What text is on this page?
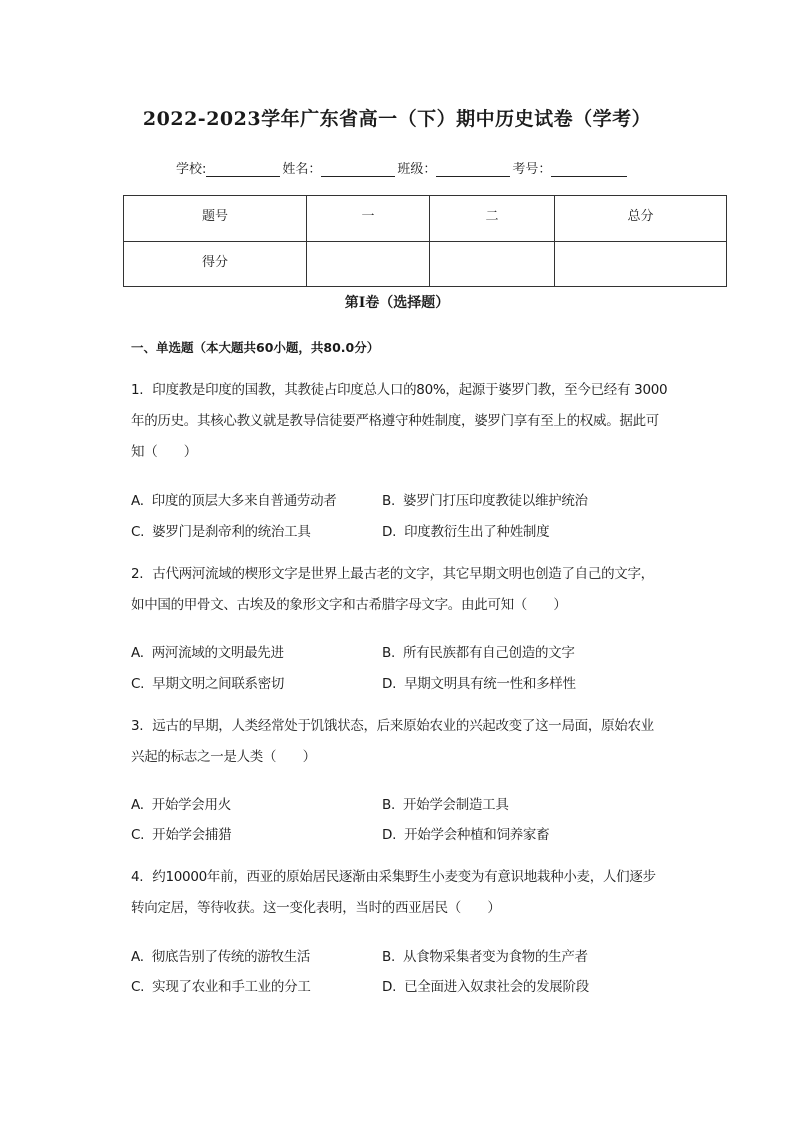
2022-2023学年广东省高一（下）期中历史试卷（学考）
学校:	姓名：	班级：	考号：
题号	一	二	总分
得分			
第Ⅰ卷（选择题）
一、单选题（本大题共60小题，共80.0分）
1. 印度教是印度的国教，其教徒占印度总人口的80%，起源于婆罗门教，至今已经有 3000
年的历史。其核心教义就是教导信徒要严格遵守种姓制度，婆罗门享有至上的权威。据此可
知（　　）
A. 印度的顶层大多来自普通劳动者	B. 婆罗门打压印度教徒以维护统治
C. 婆罗门是刹帝利的统治工具	D. 印度教衍生出了种姓制度
2. 古代两河流域的楔形文字是世界上最古老的文字，其它早期文明也创造了自己的文字，
如中国的甲骨文、古埃及的象形文字和古希腊字母文字。由此可知（　　）
A. 两河流域的文明最先进	B. 所有民族都有自己创造的文字
C. 早期文明之间联系密切	D. 早期文明具有统一性和多样性
3. 远古的早期，人类经常处于饥饿状态，后来原始农业的兴起改变了这一局面，原始农业
兴起的标志之一是人类（　　）
A. 开始学会用火	B. 开始学会制造工具
C. 开始学会捕猎	D. 开始学会种植和饲养家畜
4. 约10000年前，西亚的原始居民逐渐由采集野生小麦变为有意识地栽种小麦，人们逐步
转向定居，等待收获。这一变化表明，当时的西亚居民（　　）
A. 彻底告别了传统的游牧生活	B. 从食物采集者变为食物的生产者
C. 实现了农业和手工业的分工	D. 已全面进入奴隶社会的发展阶段
